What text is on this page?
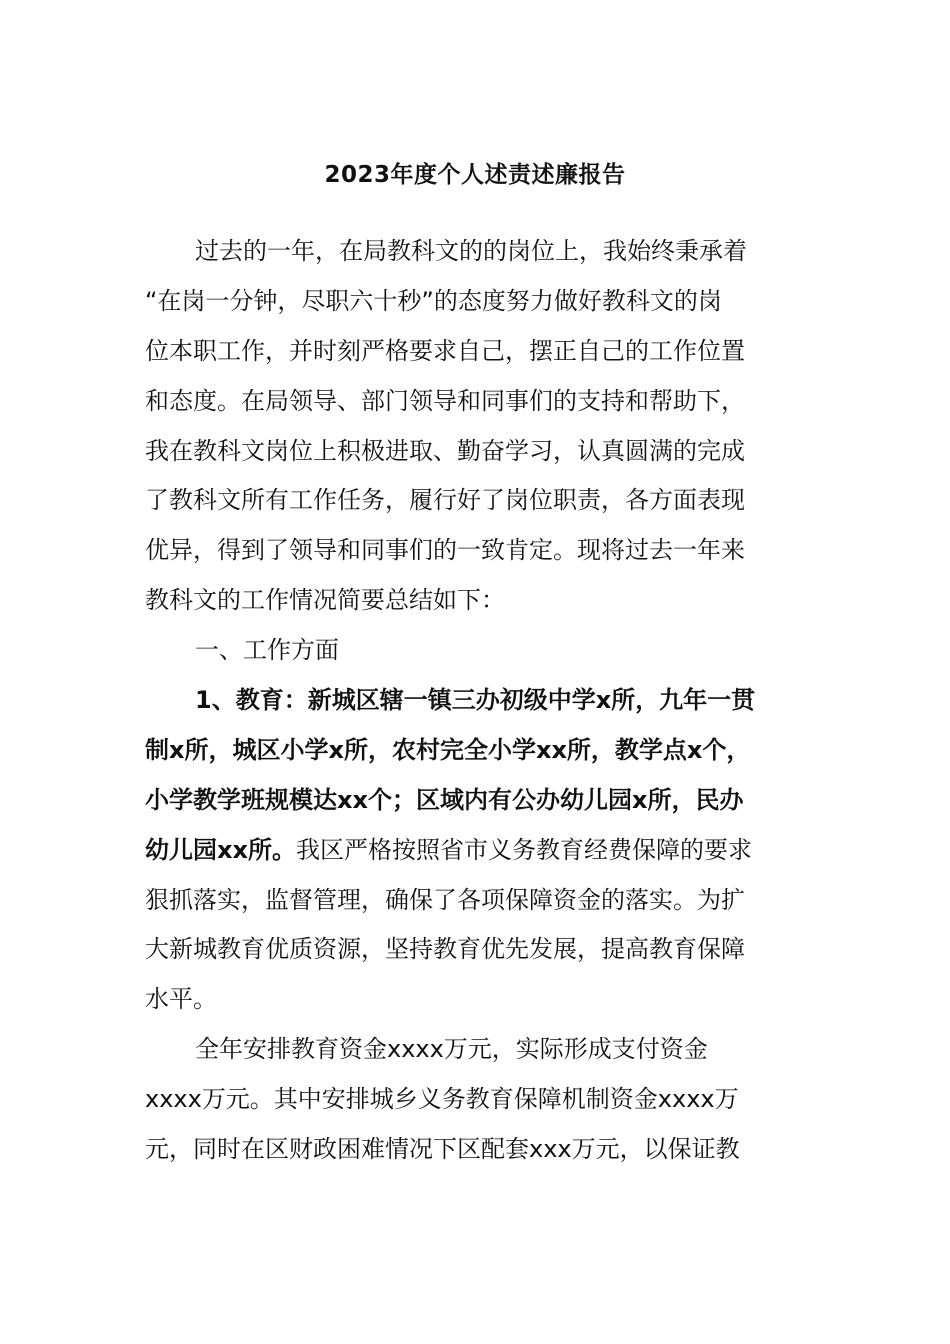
2023年度个人述责述廉报告
过去的一年，在局教科文的的岗位上，我始终秉承着
“在岗一分钟，尽职六十秒”的态度努力做好教科文的岗
位本职工作，并时刻严格要求自己，摆正自己的工作位置
和态度。在局领导、部门领导和同事们的支持和帮助下，
我在教科文岗位上积极进取、勤奋学习，认真圆满的完成
了教科文所有工作任务，履行好了岗位职责，各方面表现
优异，得到了领导和同事们的一致肯定。现将过去一年来
教科文的工作情况简要总结如下：
一、工作方面
1、教育：新城区辖一镇三办初级中学x所，九年一贯
制x所，城区小学x所，农村完全小学xx所，教学点x个，
小学教学班规模达xx个；区域内有公办幼儿园x所，民办
幼儿园xx所。我区严格按照省市义务教育经费保障的要求
狠抓落实，监督管理，确保了各项保障资金的落实。为扩
大新城教育优质资源，坚持教育优先发展，提高教育保障
水平。
全年安排教育资金xxxx万元，实际形成支付资金
xxxx万元。其中安排城乡义务教育保障机制资金xxxx万
元，同时在区财政困难情况下区配套xxx万元，以保证教
